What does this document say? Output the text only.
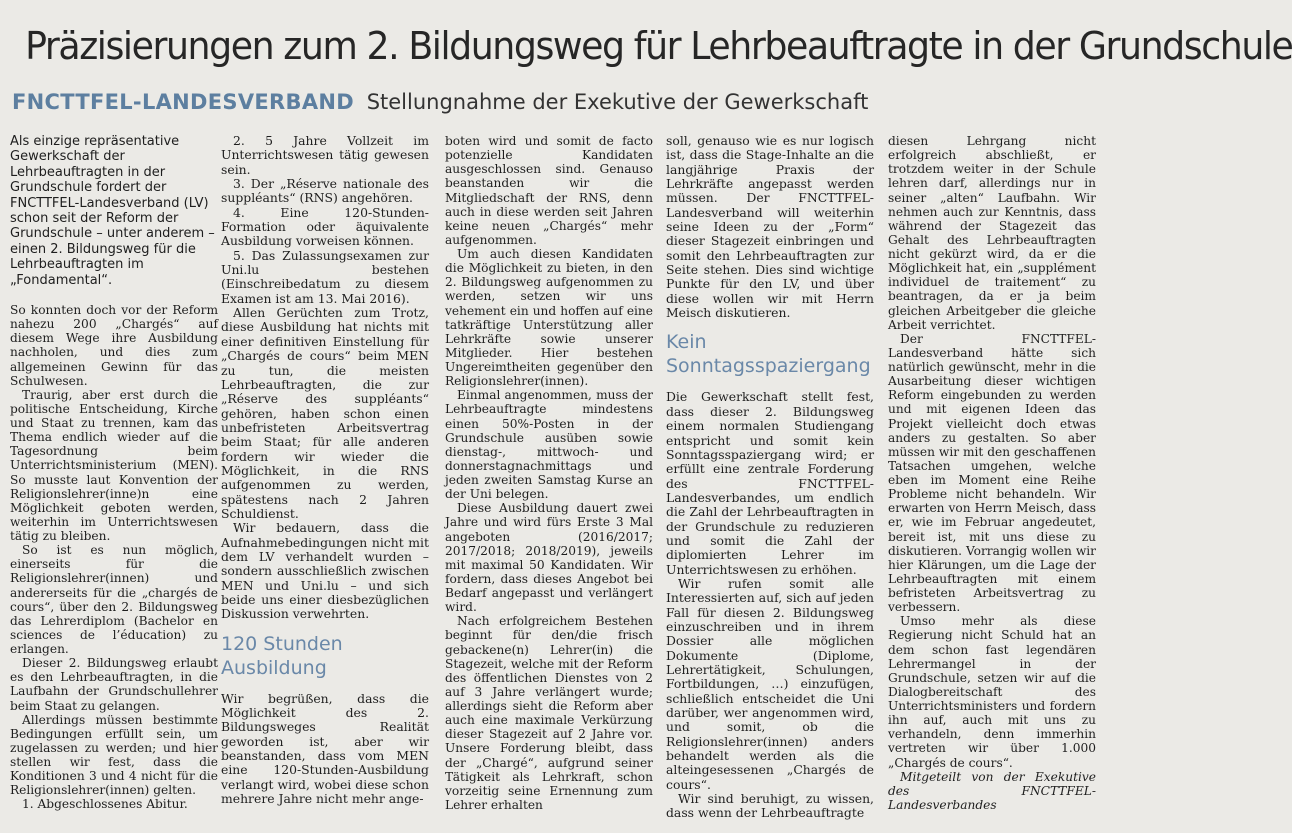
Präzisierungen zum 2. Bildungsweg für Lehrbeauftragte in der Grundschule
FNCTTFEL-LANDESVERBAND Stellungnahme der Exekutive der Gewerkschaft

Als einzige repräsentative Gewerkschaft der Lehrbeauftragten in der Grundschule fordert der FNCTTFEL-Landesverband (LV) schon seit der Reform der Grundschule – unter anderem – einen 2. Bildungsweg für die Lehrbeauftragten im „Fondamental“.

So konnten doch vor der Reform nahezu 200 „Chargés“ auf diesem Wege ihre Ausbildung nachholen, und dies zum allgemeinen Gewinn für das Schulwesen.

Traurig, aber erst durch die politische Entscheidung, Kirche und Staat zu trennen, kam das Thema endlich wieder auf die Tagesordnung beim Unterrichtsministerium (MEN). So musste laut Konvention der Religionslehrer(inne)n eine Möglichkeit geboten werden, weiterhin im Unterrichtswesen tätig zu bleiben.

So ist es nun möglich, einerseits für die Religionslehrer(innen) und andererseits für die „chargés de cours“, über den 2. Bildungsweg das Lehrerdiplom (Bachelor en sciences de l’éducation) zu erlangen.

Dieser 2. Bildungsweg erlaubt es den Lehrbeauftragten, in die Laufbahn der Grundschullehrer beim Staat zu gelangen.

Allerdings müssen bestimmte Bedingungen erfüllt sein, um zugelassen zu werden; und hier stellen wir fest, dass die Konditionen 3 und 4 nicht für die Religionslehrer(innen) gelten.

1. Abgeschlossenes Abitur.

2. 5 Jahre Vollzeit im Unterrichtswesen tätig gewesen sein.

3. Der „Réserve nationale des suppléants“ (RNS) angehören.

4. Eine 120-Stunden-Formation oder äquivalente Ausbildung vorweisen können.

5. Das Zulassungsexamen zur Uni.lu bestehen (Einschreibedatum zu diesem Examen ist am 13. Mai 2016).

Allen Gerüchten zum Trotz, diese Ausbildung hat nichts mit einer definitiven Einstellung für „Chargés de cours“ beim MEN zu tun, die meisten Lehrbeauftragten, die zur „Réserve des suppléants“ gehören, haben schon einen unbefristeten Arbeitsvertrag beim Staat; für alle anderen fordern wir wieder die Möglichkeit, in die RNS aufgenommen zu werden, spätestens nach 2 Jahren Schuldienst.

Wir bedauern, dass die Aufnahmebedingungen nicht mit dem LV verhandelt wurden – sondern ausschließlich zwischen MEN und Uni.lu – und sich beide uns einer diesbezüglichen Diskussion verwehrten.

120 Stunden Ausbildung

Wir begrüßen, dass die Möglichkeit des 2. Bildungsweges Realität geworden ist, aber wir beanstanden, dass vom MEN eine 120-Stunden-Ausbildung verlangt wird, wobei diese schon mehrere Jahre nicht mehr ange-

boten wird und somit de facto potenzielle Kandidaten ausgeschlossen sind. Genauso beanstanden wir die Mitgliedschaft der RNS, denn auch in diese werden seit Jahren keine neuen „Chargés“ mehr aufgenommen.

Um auch diesen Kandidaten die Möglichkeit zu bieten, in den 2. Bildungsweg aufgenommen zu werden, setzen wir uns vehement ein und hoffen auf eine tatkräftige Unterstützung aller Lehrkräfte sowie unserer Mitglieder. Hier bestehen Ungereimtheiten gegenüber den Religionslehrer(innen).

Einmal angenommen, muss der Lehrbeauftragte mindestens einen 50%-Posten in der Grundschule ausüben sowie dienstag-, mittwoch- und donnerstagnachmittags und jeden zweiten Samstag Kurse an der Uni belegen.

Diese Ausbildung dauert zwei Jahre und wird fürs Erste 3 Mal angeboten (2016/2017; 2017/2018; 2018/2019), jeweils mit maximal 50 Kandidaten. Wir fordern, dass dieses Angebot bei Bedarf angepasst und verlängert wird.

Nach erfolgreichem Bestehen beginnt für den/die frisch gebackene(n) Lehrer(in) die Stagezeit, welche mit der Reform des öffentlichen Dienstes von 2 auf 3 Jahre verlängert wurde; allerdings sieht die Reform aber auch eine maximale Verkürzung dieser Stagezeit auf 2 Jahre vor. Unsere Forderung bleibt, dass der „Chargé“, aufgrund seiner Tätigkeit als Lehrkraft, schon vorzeitig seine Ernennung zum Lehrer erhalten

soll, genauso wie es nur logisch ist, dass die Stage-Inhalte an die langjährige Praxis der Lehrkräfte angepasst werden müssen. Der FNCTTFEL-Landesverband will weiterhin seine Ideen zu der „Form“ dieser Stagezeit einbringen und somit den Lehrbeauftragten zur Seite stehen. Dies sind wichtige Punkte für den LV, und über diese wollen wir mit Herrn Meisch diskutieren.

Kein Sonntagsspaziergang

Die Gewerkschaft stellt fest, dass dieser 2. Bildungsweg einem normalen Studiengang entspricht und somit kein Sonntagsspaziergang wird; er erfüllt eine zentrale Forderung des FNCTTFEL-Landesverbandes, um endlich die Zahl der Lehrbeauftragten in der Grundschule zu reduzieren und somit die Zahl der diplomierten Lehrer im Unterrichtswesen zu erhöhen.

Wir rufen somit alle Interessierten auf, sich auf jeden Fall für diesen 2. Bildungsweg einzuschreiben und in ihrem Dossier alle möglichen Dokumente (Diplome, Lehrertätigkeit, Schulungen, Fortbildungen, …) einzufügen, schließlich entscheidet die Uni darüber, wer angenommen wird, und somit, ob die Religionslehrer(innen) anders behandelt werden als die alteingesessenen „Chargés de cours“.

Wir sind beruhigt, zu wissen, dass wenn der Lehrbeauftragte

diesen Lehrgang nicht erfolgreich abschließt, er trotzdem weiter in der Schule lehren darf, allerdings nur in seiner „alten“ Laufbahn. Wir nehmen auch zur Kenntnis, dass während der Stagezeit das Gehalt des Lehrbeauftragten nicht gekürzt wird, da er die Möglichkeit hat, ein „supplément individuel de traitement“ zu beantragen, da er ja beim gleichen Arbeitgeber die gleiche Arbeit verrichtet.

Der FNCTTFEL-Landesverband hätte sich natürlich gewünscht, mehr in die Ausarbeitung dieser wichtigen Reform eingebunden zu werden und mit eigenen Ideen das Projekt vielleicht doch etwas anders zu gestalten. So aber müssen wir mit den geschaffenen Tatsachen umgehen, welche eben im Moment eine Reihe Probleme nicht behandeln. Wir erwarten von Herrn Meisch, dass er, wie im Februar angedeutet, bereit ist, mit uns diese zu diskutieren. Vorrangig wollen wir hier Klärungen, um die Lage der Lehrbeauftragten mit einem befristeten Arbeitsvertrag zu verbessern.

Umso mehr als diese Regierung nicht Schuld hat an dem schon fast legendären Lehrermangel in der Grundschule, setzen wir auf die Dialogbereitschaft des Unterrichtsministers und fordern ihn auf, auch mit uns zu verhandeln, denn immerhin vertreten wir über 1.000 „Chargés de cours“.

Mitgeteilt von der Exekutive des FNCTTFEL-Landesverbandes
